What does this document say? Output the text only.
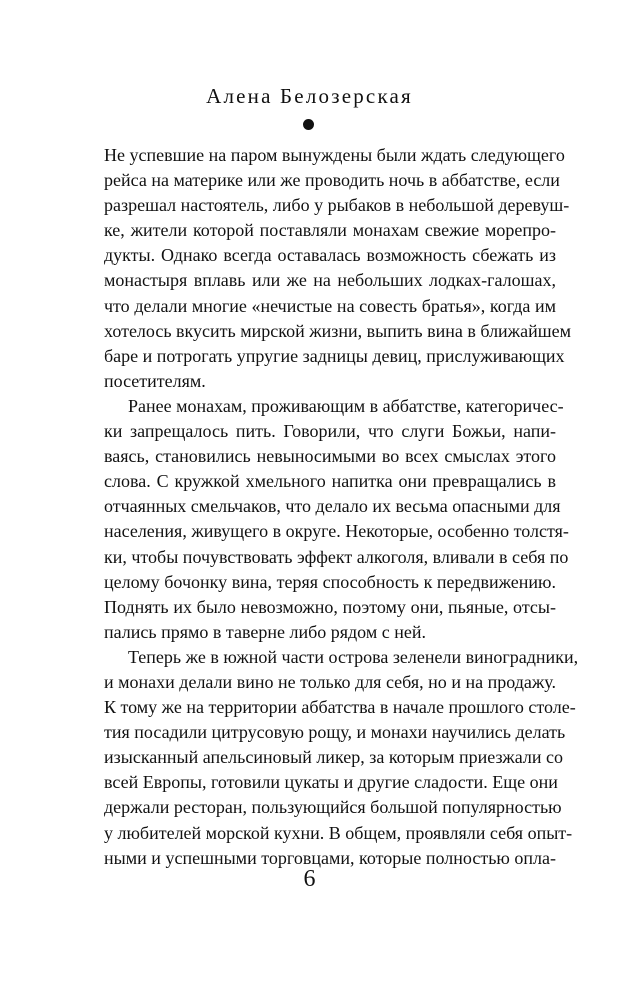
Алена Белозерская

Не успевшие на паром вынуждены были ждать следующего
рейса на материке или же проводить ночь в аббатстве, если
разрешал настоятель, либо у рыбаков в небольшой деревуш-
ке, жители которой поставляли монахам свежие морепро-
дукты. Однако всегда оставалась возможность сбежать из
монастыря вплавь или же на небольших лодках-галошах,
что делали многие «нечистые на совесть братья», когда им
хотелось вкусить мирской жизни, выпить вина в ближайшем
баре и потрогать упругие задницы девиц, прислуживающих
посетителям.

Ранее монахам, проживающим в аббатстве, категоричес-
ки запрещалось пить. Говорили, что слуги Божьи, напи-
ваясь, становились невыносимыми во всех смыслах этого
слова. С кружкой хмельного напитка они превращались в
отчаянных смельчаков, что делало их весьма опасными для
населения, живущего в округе. Некоторые, особенно толстя-
ки, чтобы почувствовать эффект алкоголя, вливали в себя по
целому бочонку вина, теряя способность к передвижению.
Поднять их было невозможно, поэтому они, пьяные, отсы-
пались прямо в таверне либо рядом с ней.

Теперь же в южной части острова зеленели виноградники,
и монахи делали вино не только для себя, но и на продажу.
К тому же на территории аббатства в начале прошлого столе-
тия посадили цитрусовую рощу, и монахи научились делать
изысканный апельсиновый ликер, за которым приезжали со
всей Европы, готовили цукаты и другие сладости. Еще они
держали ресторан, пользующийся большой популярностью
у любителей морской кухни. В общем, проявляли себя опыт-
ными и успешными торговцами, которые полностью опла-

6
